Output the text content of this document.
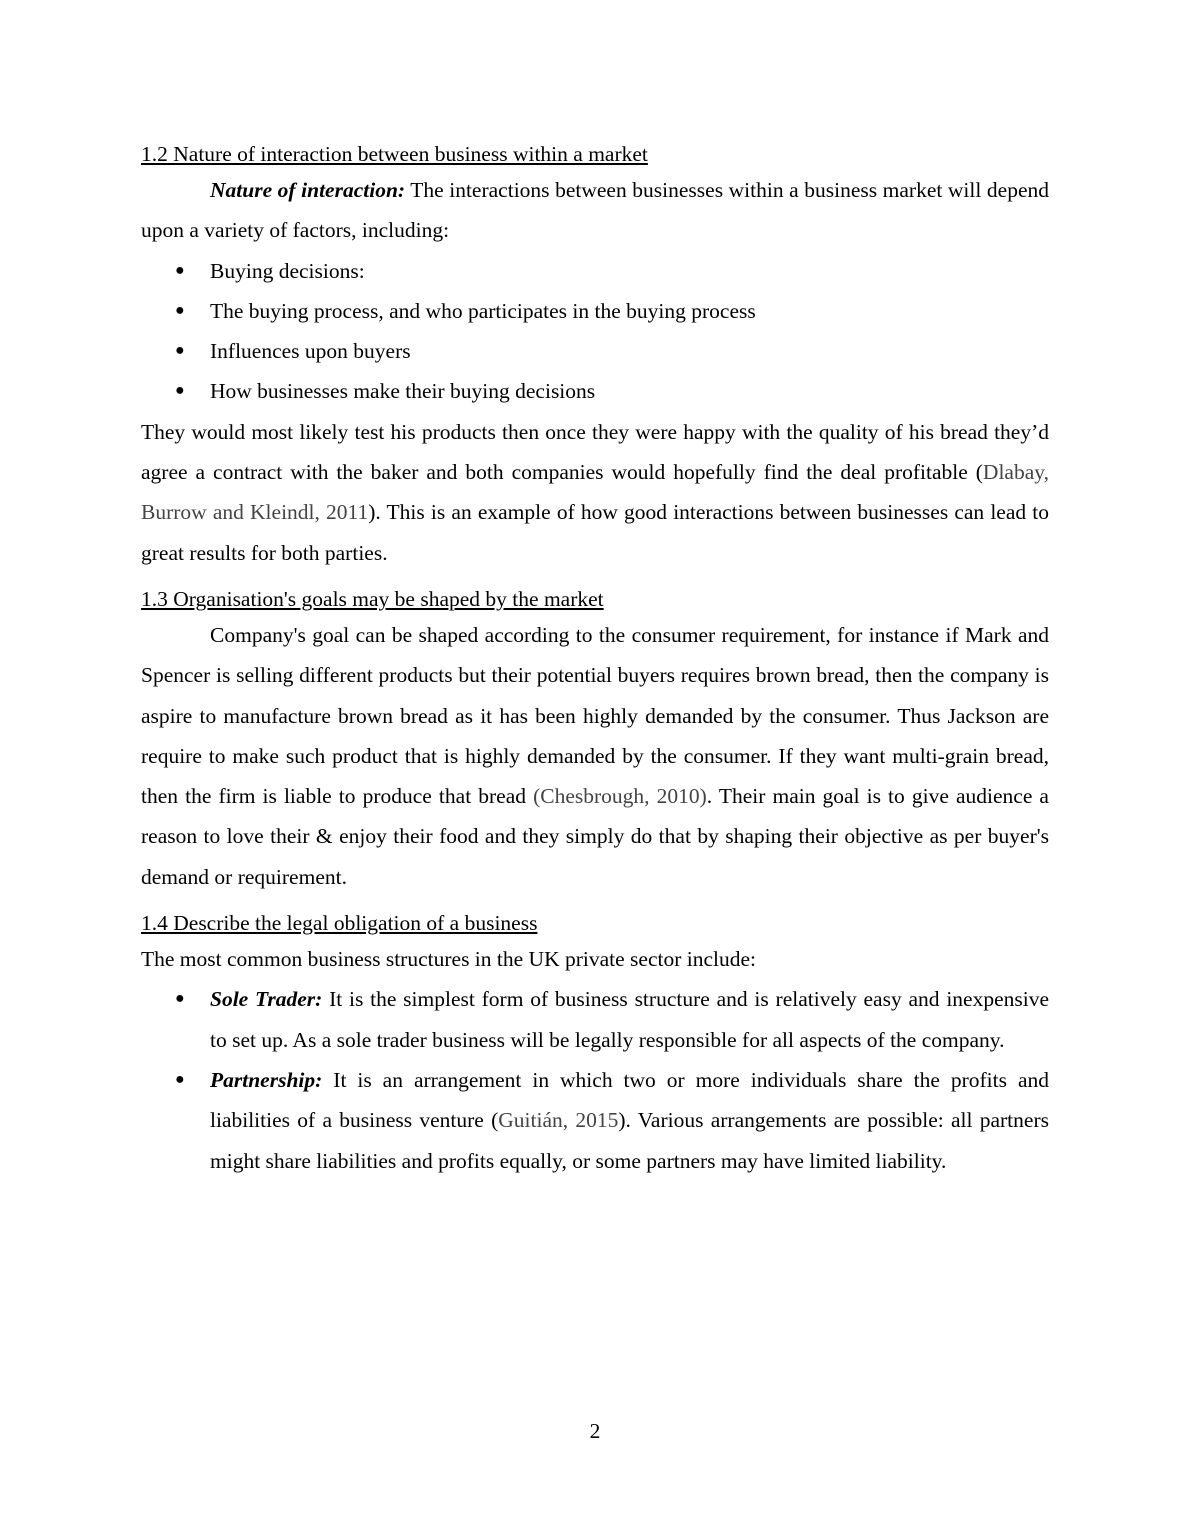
1.2 Nature of interaction between business within a market

Nature of interaction: The interactions between businesses within a business market will depend upon a variety of factors, including:

●	Buying decisions:
●	The buying process, and who participates in the buying process
●	Influences upon buyers
●	How businesses make their buying decisions

They would most likely test his products then once they were happy with the quality of his bread they’d agree a contract with the baker and both companies would hopefully find the deal profitable (Dlabay, Burrow and Kleindl, 2011). This is an example of how good interactions between businesses can lead to great results for both parties.

1.3 Organisation's goals may be shaped by the market

Company's goal can be shaped according to the consumer requirement, for instance if Mark and Spencer is selling different products but their potential buyers requires brown bread, then the company is aspire to manufacture brown bread as it has been highly demanded by the consumer. Thus Jackson are require to make such product that is highly demanded by the consumer. If they want multi-grain bread, then the firm is liable to produce that bread (Chesbrough, 2010). Their main goal is to give audience a reason to love their & enjoy their food and they simply do that by shaping their objective as per buyer's demand or requirement.

1.4 Describe the legal obligation of a business

The most common business structures in the UK private sector include:

●	Sole Trader: It is the simplest form of business structure and is relatively easy and inexpensive to set up. As a sole trader business will be legally responsible for all aspects of the company.
●	Partnership: It is an arrangement in which two or more individuals share the profits and liabilities of a business venture (Guitián, 2015). Various arrangements are possible: all partners might share liabilities and profits equally, or some partners may have limited liability.
2
